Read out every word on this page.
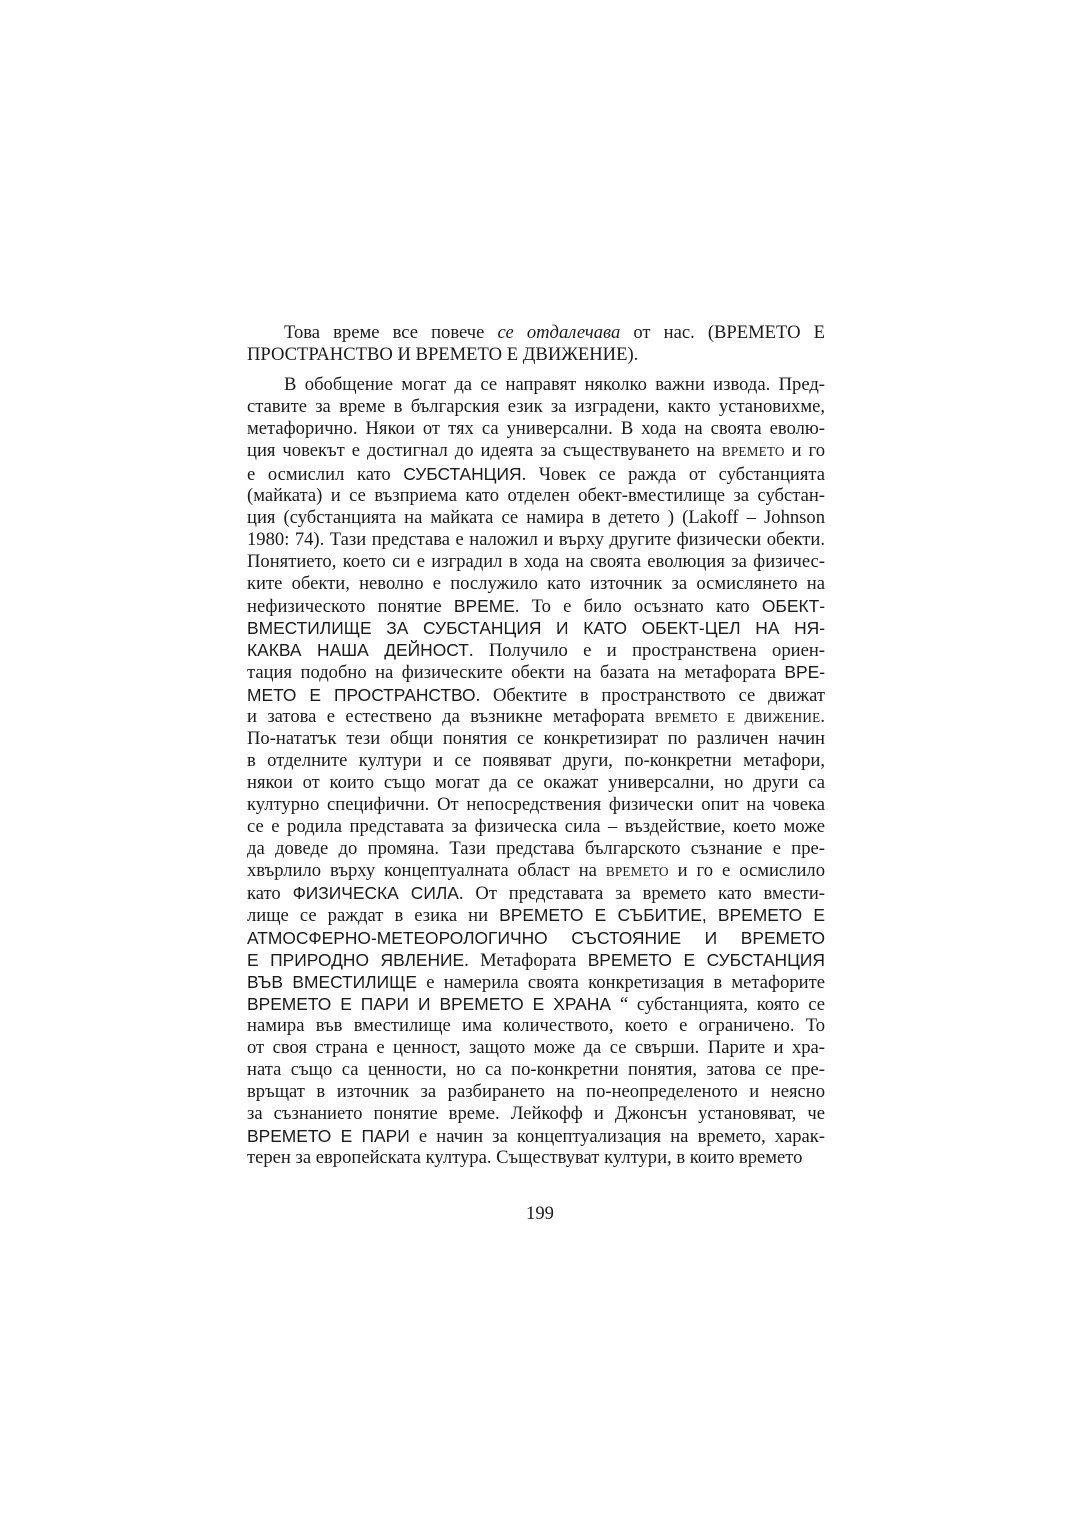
Това време все повече се отдалечава от нас. (ВРЕМЕТО Е
ПРОСТРАНСТВО И ВРЕМЕТО Е ДВИЖЕНИЕ).
В обобщение могат да се направят няколко важни извода. Пред-
ставите за време в българския език за изградени, както установихме,
метафорично. Някои от тях са универсални. В хода на своята еволю-
ция човекът е достигнал до идеята за съществуването на ВРЕМЕТО и го
е осмислил като СУБСТАНЦИЯ. Човек се ражда от субстанцията
(майката) и се възприема като отделен обект-вместилище за субстан-
ция (субстанцията на майката се намира в детето ) (Lakoff – Johnson
1980: 74). Тази представа е наложил и върху другите физически обекти.
Понятието, което си е изградил в хода на своята еволюция за физичес-
ките обекти, неволно е послужило като източник за осмислянето на
нефизическото понятие ВРЕМЕ. То е било осъзнато като ОБЕКТ-
ВМЕСТИЛИЩЕ ЗА СУБСТАНЦИЯ И КАТО ОБЕКТ-ЦЕЛ НА НЯ-
КАКВА НАША ДЕЙНОСТ. Получило е и пространствена ориен-
тация подобно на физическите обекти на базата на метафората ВРЕ-
МЕТО Е ПРОСТРАНСТВО. Обектите в пространството се движат
и затова е естествено да възникне метафората ВРЕМЕТО Е ДВИЖЕНИЕ.
По-нататък тези общи понятия се конкретизират по различен начин
в отделните култури и се появяват други, по-конкретни метафори,
някои от които също могат да се окажат универсални, но други са
културно специфични. От непосредствения физически опит на човека
се е родила представата за физическа сила – въздействие, което може
да доведе до промяна. Тази представа българското съзнание е пре-
хвърлило върху концептуалната област на ВРЕМЕТО и го е осмислило
като ФИЗИЧЕСКА СИЛА. От представата за времето като вмести-
лище се раждат в езика ни ВРЕМЕТО Е СЪБИТИЕ, ВРЕМЕТО Е
АТМОСФЕРНО-МЕТЕОРОЛОГИЧНО СЪСТОЯНИЕ И ВРЕМЕТО
Е ПРИРОДНО ЯВЛЕНИЕ. Метафората ВРЕМЕТО Е СУБСТАНЦИЯ
ВЪВ ВМЕСТИЛИЩЕ е намерила своята конкретизация в метафорите
ВРЕМЕТО Е ПАРИ И ВРЕМЕТО Е ХРАНА “ субстанцията, която се
намира във вместилище има количеството, което е ограничено. То
от своя страна е ценност, защото може да се свърши. Парите и хра-
ната също са ценности, но са по-конкретни понятия, затова се пре-
връщат в източник за разбирането на по-неопределеното и неясно
за съзнанието понятие време. Лейкофф и Джонсън установяват, че
ВРЕМЕТО Е ПАРИ е начин за концептуализация на времето, харак-
терен за европейската култура. Съществуват култури, в които времето
199
